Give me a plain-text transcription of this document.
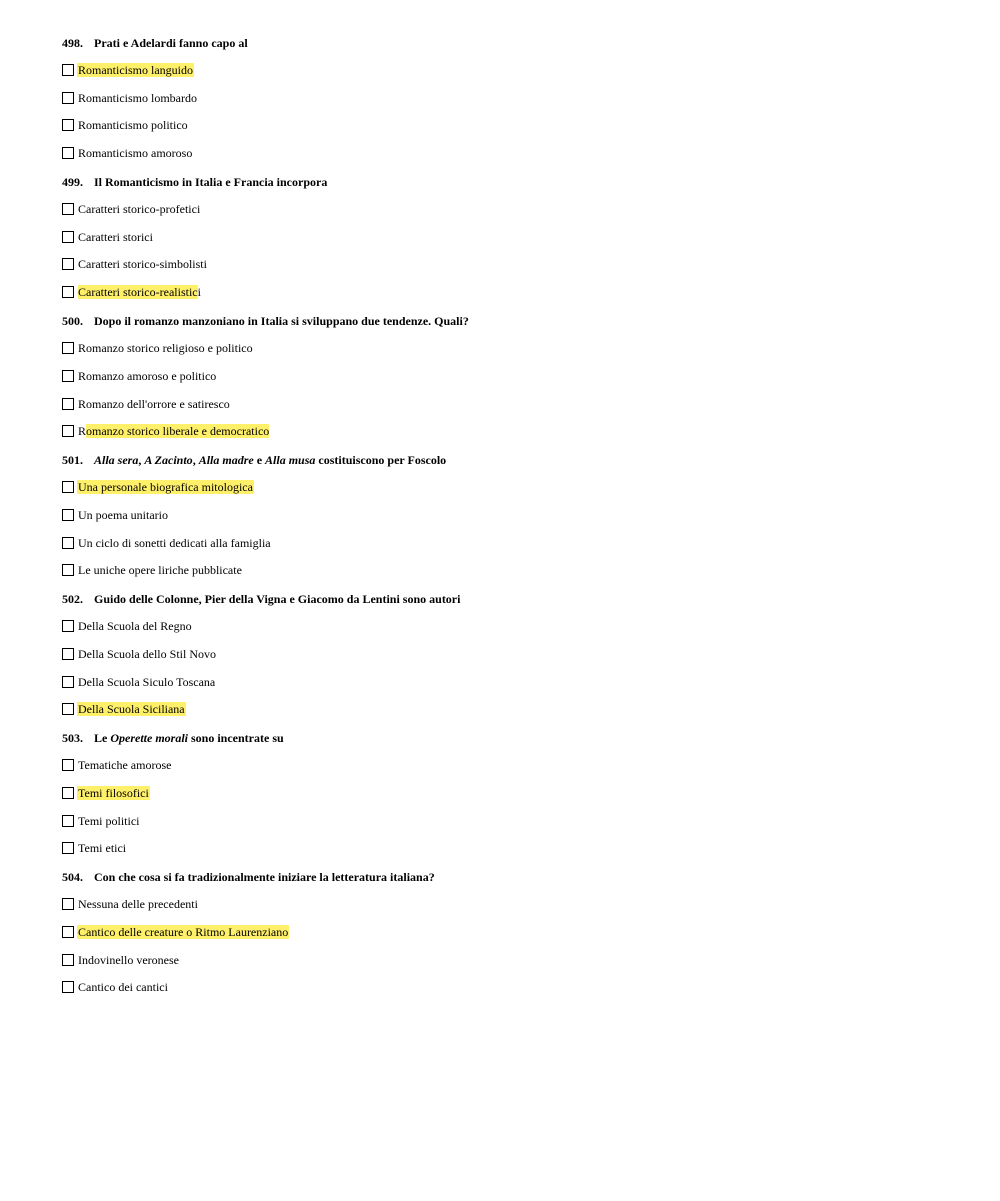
498. Prati e Adelardi fanno capo al
Romanticismo languido
Romanticismo lombardo
Romanticismo politico
Romanticismo amoroso
499. Il Romanticismo in Italia e Francia incorpora
Caratteri storico-profetici
Caratteri storici
Caratteri storico-simbolisti
Caratteri storico-realistici
500. Dopo il romanzo manzoniano in Italia si sviluppano due tendenze. Quali?
Romanzo storico religioso e politico
Romanzo amoroso e politico
Romanzo dell'orrore e satiresco
Romanzo storico liberale e democratico
501. Alla sera, A Zacinto, Alla madre e Alla musa costituiscono per Foscolo
Una personale biografica mitologica
Un poema unitario
Un ciclo di sonetti dedicati alla famiglia
Le uniche opere liriche pubblicate
502. Guido delle Colonne, Pier della Vigna e Giacomo da Lentini sono autori
Della Scuola del Regno
Della Scuola dello Stil Novo
Della Scuola Siculo Toscana
Della Scuola Siciliana
503. Le Operette morali sono incentrate su
Tematiche amorose
Temi filosofici
Temi politici
Temi etici
504. Con che cosa si fa tradizionalmente iniziare la letteratura italiana?
Nessuna delle precedenti
Cantico delle creature o Ritmo Laurenziano
Indovinello veronese
Cantico dei cantici
